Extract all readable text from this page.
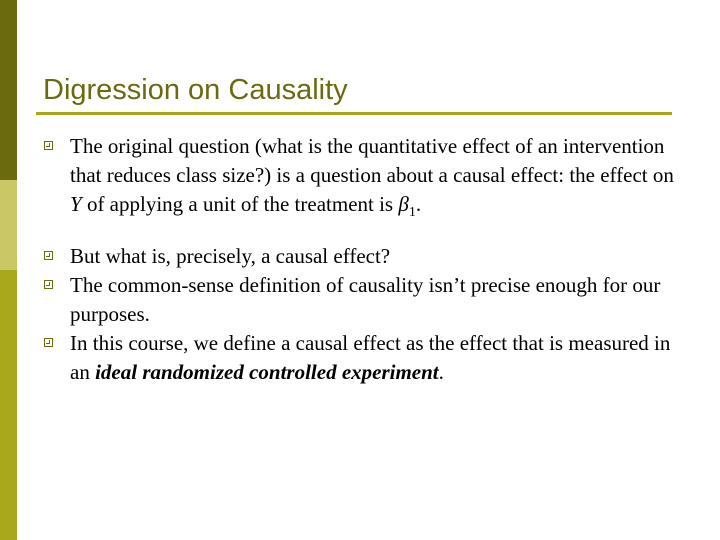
Digression on Causality
The original question (what is the quantitative effect of an intervention that reduces class size?) is a question about a causal effect: the effect on Y of applying a unit of the treatment is $\beta_1$.
But what is, precisely, a causal effect?
The common-sense definition of causality isn’t precise enough for our purposes.
In this course, we define a causal effect as the effect that is measured in an ideal randomized controlled experiment.
